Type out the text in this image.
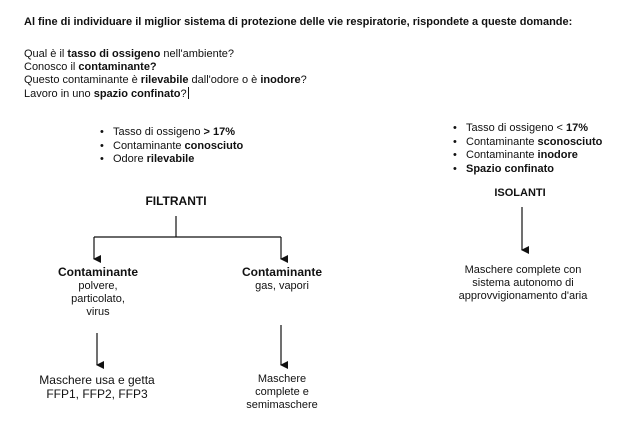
Al fine di individuare il miglior sistema di protezione delle vie respiratorie, rispondete a queste domande:
Qual è il tasso di ossigeno nell'ambiente?
Conosco il contaminante?
Questo contaminante è rilevabile dall'odore o è inodore?
Lavoro in uno spazio confinato?
• Tasso di ossigeno > 17%
• Contaminante conosciuto
• Odore rilevabile
FILTRANTI
• Tasso di ossigeno < 17%
• Contaminante sconosciuto
• Contaminante inodore
• Spazio confinato
ISOLANTI
Contaminante
polvere,
particolato,
virus
Contaminante
gas, vapori
Maschere usa e getta
FFP1, FFP2, FFP3
Maschere
complete e
semimaschere
Maschere complete con
sistema autonomo di
approvvigionamento d'aria
